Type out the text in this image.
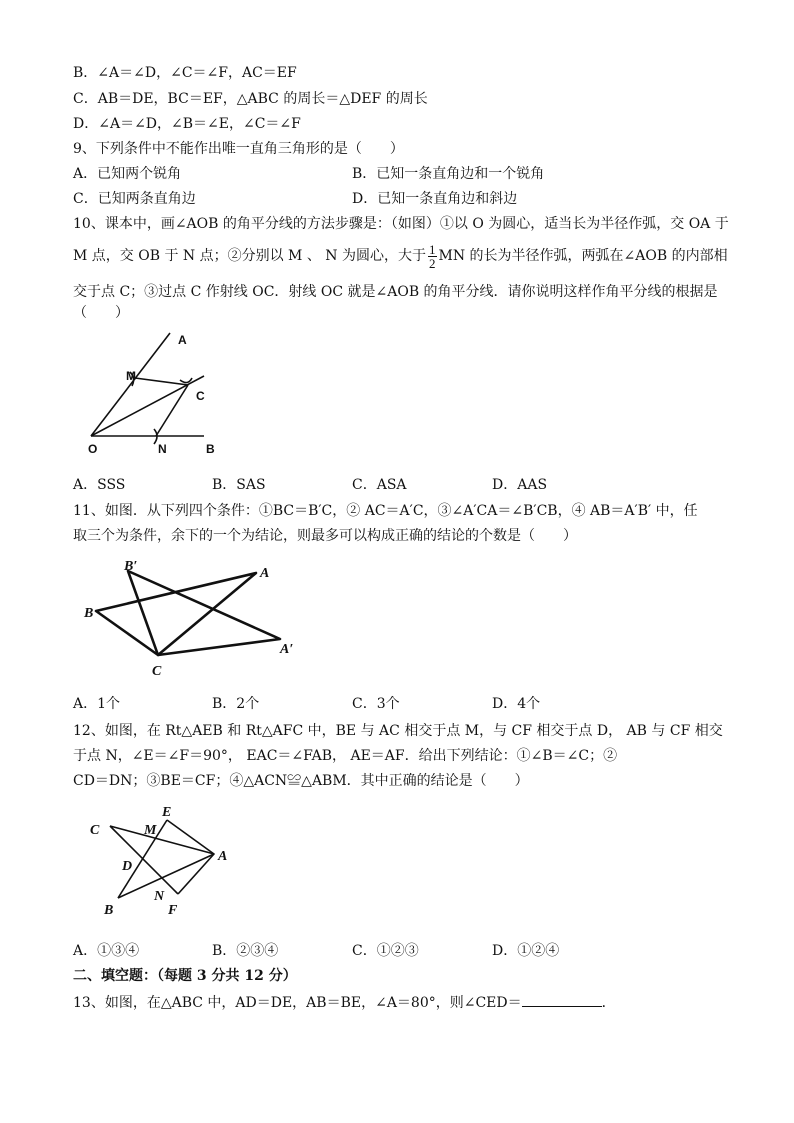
B．∠A＝∠D，∠C＝∠F，AC＝EF
C．AB＝DE，BC＝EF，△ABC 的周长＝△DEF 的周长
D．∠A＝∠D，∠B＝∠E，∠C＝∠F
9、下列条件中不能作出唯一直角三角形的是（　　）
A．已知两个锐角	B．已知一条直角边和一个锐角
C．已知两条直角边	D．已知一条直角边和斜边
10、课本中，画∠AOB 的角平分线的方法步骤是：（如图）①以 O 为圆心，适当长为半径作弧，交 OA 于
M 点，交 OB 于 N 点；②分别以 M 、 N 为圆心，大于 $\frac{1}{2}$ MN 的长为半径作弧，两弧在∠AOB 的内部相
交于点 C；③过点 C 作射线 OC．射线 OC 就是∠AOB 的角平分线．请你说明这样作角平分线的根据是
（　　）
A
M
C
O	N	B
A．SSS	B．SAS	C．ASA	D．AAS
11、如图．从下列四个条件：①BC＝B′C，② AC＝A′C，③∠A′CA＝∠B′CB，④ AB＝A′B′ 中，任
取三个为条件，余下的一个为结论，则最多可以构成正确的结论的个数是（　　）
B′	A
B
A′
C
A．1个	B．2个	C．3个	D．4个
12、如图，在 Rt△AEB 和 Rt△AFC 中，BE 与 AC 相交于点 M，与 CF 相交于点 D， AB 与 CF 相交
于点 N，∠E＝∠F＝90°， EAC＝∠FAB， AE＝AF．给出下列结论：①∠B＝∠C；②
CD＝DN；③BE＝CF；④△ACN≌△ABM．其中正确的结论是（　　）
C	M
E
D
A
B
N
F
A．①③④	B．②③④	C．①②③	D．①②④
二、填空题：（每题 3 分共 12 分）
13、如图，在△ABC 中，AD＝DE，AB＝BE，∠A＝80°，则∠CED＝	．
